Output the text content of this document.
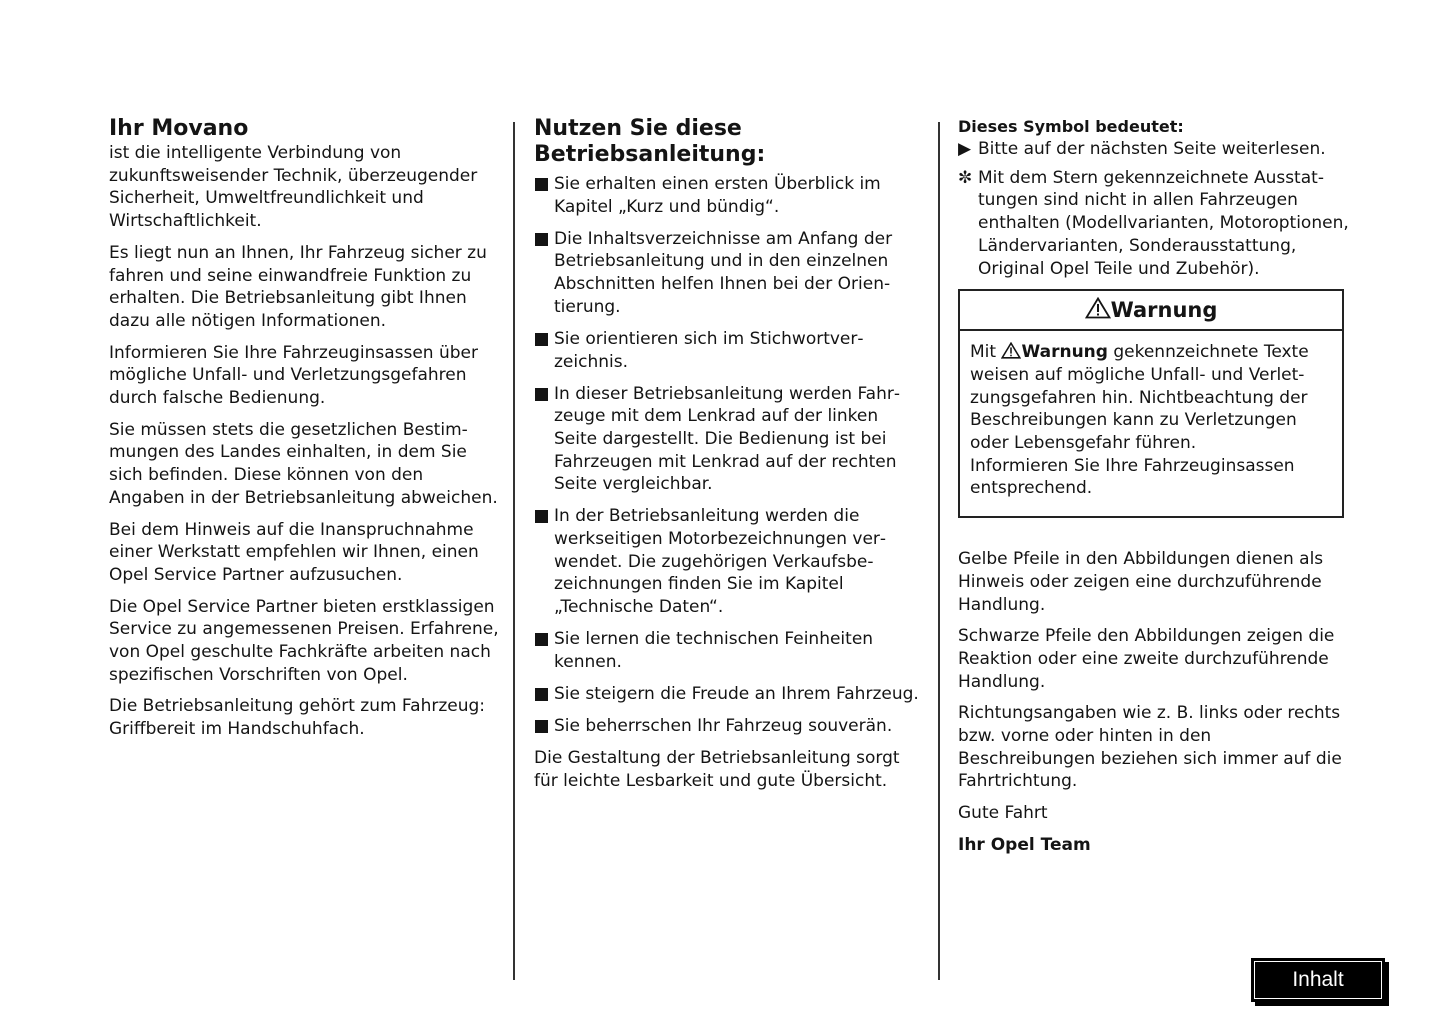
Ihr Movano

ist die intelligente Verbindung von zukunftsweisender Technik, überzeugender Sicherheit, Umweltfreundlichkeit und Wirtschaftlichkeit.

Es liegt nun an Ihnen, Ihr Fahrzeug sicher zu fahren und seine einwandfreie Funktion zu erhalten. Die Betriebsanleitung gibt Ihnen dazu alle nötigen Informationen.

Informieren Sie Ihre Fahrzeuginsassen über mögliche Unfall- und Verletzungsgefahren durch falsche Bedienung.

Sie müssen stets die gesetzlichen Bestimmungen des Landes einhalten, in dem Sie sich befinden. Diese können von den Angaben in der Betriebsanleitung abweichen.

Bei dem Hinweis auf die Inanspruchnahme einer Werkstatt empfehlen wir Ihnen, einen Opel Service Partner aufzusuchen.

Die Opel Service Partner bieten erstklassigen Service zu angemessenen Preisen. Erfahrene, von Opel geschulte Fachkräfte arbeiten nach spezifischen Vorschriften von Opel.

Die Betriebsanleitung gehört zum Fahrzeug: Griffbereit im Handschuhfach.

Nutzen Sie diese

Betriebsanleitung:
Sie erhalten einen ersten Überblick im Kapitel „Kurz und bündig“.
Die Inhaltsverzeichnisse am Anfang der Betriebsanleitung und in den einzelnen Abschnitten helfen Ihnen bei der Orientierung.
Sie orientieren sich im Stichwortverzeichnis.
In dieser Betriebsanleitung werden Fahrzeuge mit dem Lenkrad auf der linken Seite dargestellt. Die Bedienung ist bei Fahrzeugen mit Lenkrad auf der rechten Seite vergleichbar.
In der Betriebsanleitung werden die werkseitigen Motorbezeichnungen verwendet. Die zugehörigen Verkaufsbezeichnungen finden Sie im Kapitel „Technische Daten“.
Sie lernen die technischen Feinheiten kennen.
Sie steigern die Freude an Ihrem Fahrzeug.
Sie beherrschen Ihr Fahrzeug souverän.

Die Gestaltung der Betriebsanleitung sorgt für leichte Lesbarkeit und gute Übersicht.

Dieses Symbol bedeutet:

▶ Bitte auf der nächsten Seite weiterlesen.

✼ Mit dem Stern gekennzeichnete Ausstattungen sind nicht in allen Fahrzeugen enthalten (Modellvarianten, Motoroptionen, Ländervarianten, Sonderausstattung, Original Opel Teile und Zubehör).

Warnung
Mit Warnung gekennzeichnete Texte weisen auf mögliche Unfall- und Verletzungsgefahren hin. Nichtbeachtung der Beschreibungen kann zu Verletzungen oder Lebensgefahr führen.
Informieren Sie Ihre Fahrzeuginsassen entsprechend.

Gelbe Pfeile in den Abbildungen dienen als Hinweis oder zeigen eine durchzuführende Handlung.

Schwarze Pfeile den Abbildungen zeigen die Reaktion oder eine zweite durchzuführende Handlung.

Richtungsangaben wie z. B. links oder rechts bzw. vorne oder hinten in den Beschreibungen beziehen sich immer auf die Fahrtrichtung.

Gute Fahrt

Ihr Opel Team

Inhalt
